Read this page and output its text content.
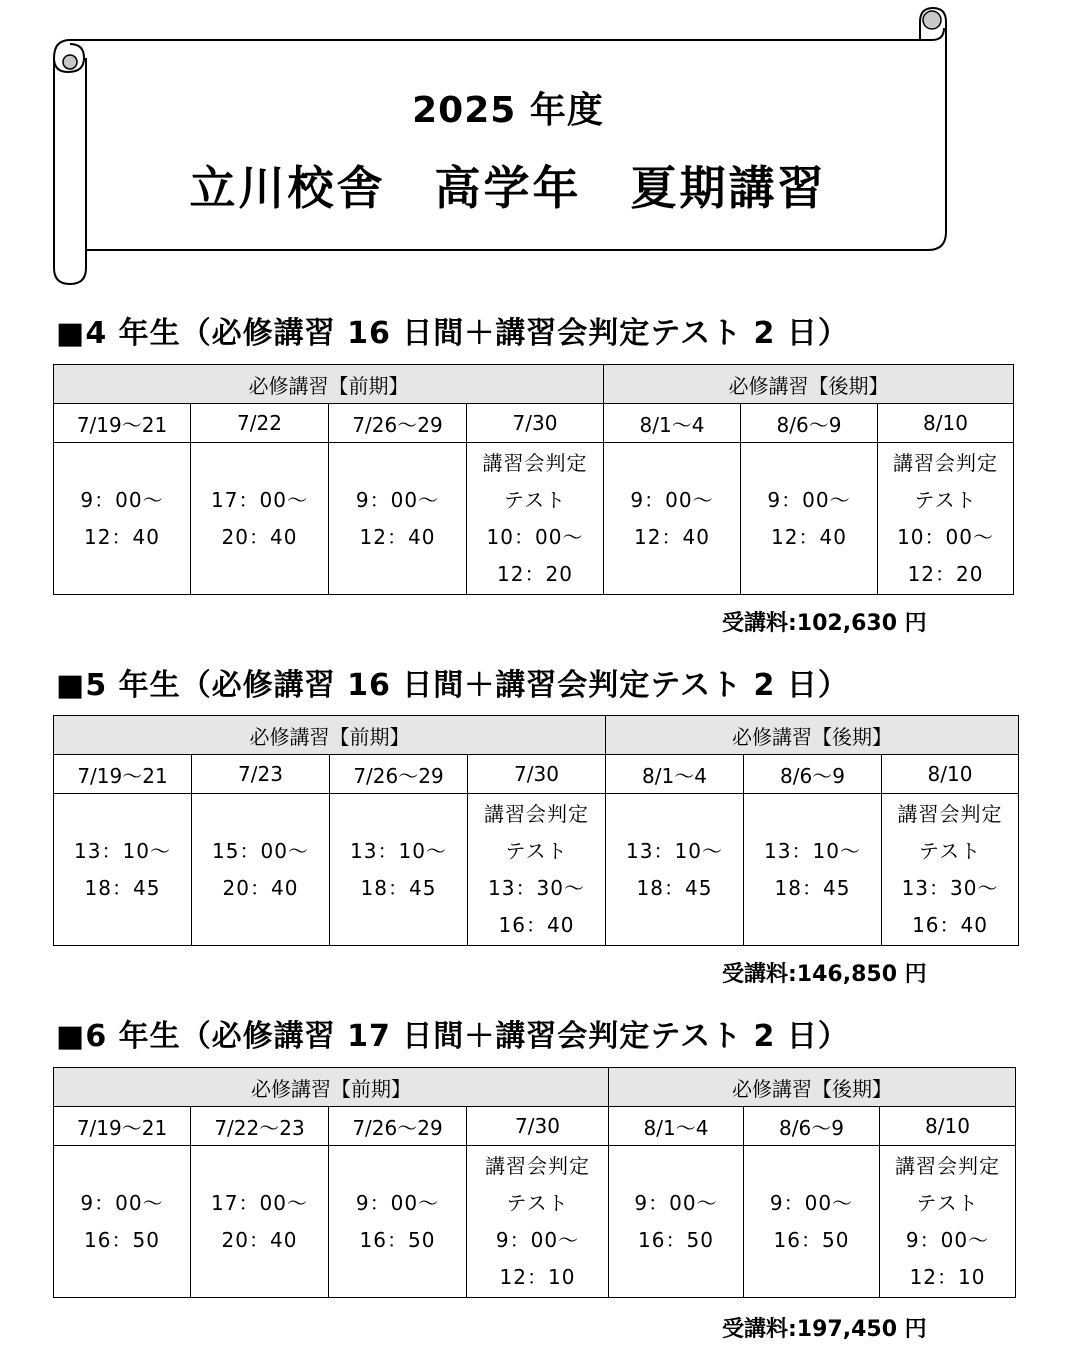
2025 年度
立川校舎　高学年　夏期講習
■4 年生（必修講習 16 日間＋講習会判定テスト 2 日）
必修講習【前期】				必修講習【後期】		
7/19～21	7/22	7/26～29	7/30	8/1～4	8/6～9	8/10

9：00～
12：40	17：00～
20：40	9：00～
12：40	講習会判定
テスト
10：00～
12：20	9：00～
12：40	9：00～
12：40	講習会判定
テスト
10：00～
12：20
受講料:102,630 円
■5 年生（必修講習 16 日間＋講習会判定テスト 2 日）
必修講習【前期】				必修講習【後期】		
7/19～21	7/23	7/26～29	7/30	8/1～4	8/6～9	8/10

13：10～
18：45	15：00～
20：40	13：10～
18：45	講習会判定
テスト
13：30～
16：40	13：10～
18：45	13：10～
18：45	講習会判定
テスト
13：30～
16：40
受講料:146,850 円
■6 年生（必修講習 17 日間＋講習会判定テスト 2 日）
必修講習【前期】				必修講習【後期】		
7/19～21	7/22～23	7/26～29	7/30	8/1～4	8/6～9	8/10

9：00～
16：50	17：00～
20：40	9：00～
16：50	講習会判定
テスト
9：00～
12：10	9：00～
16：50	9：00～
16：50	講習会判定
テスト
9：00～
12：10
受講料:197,450 円
